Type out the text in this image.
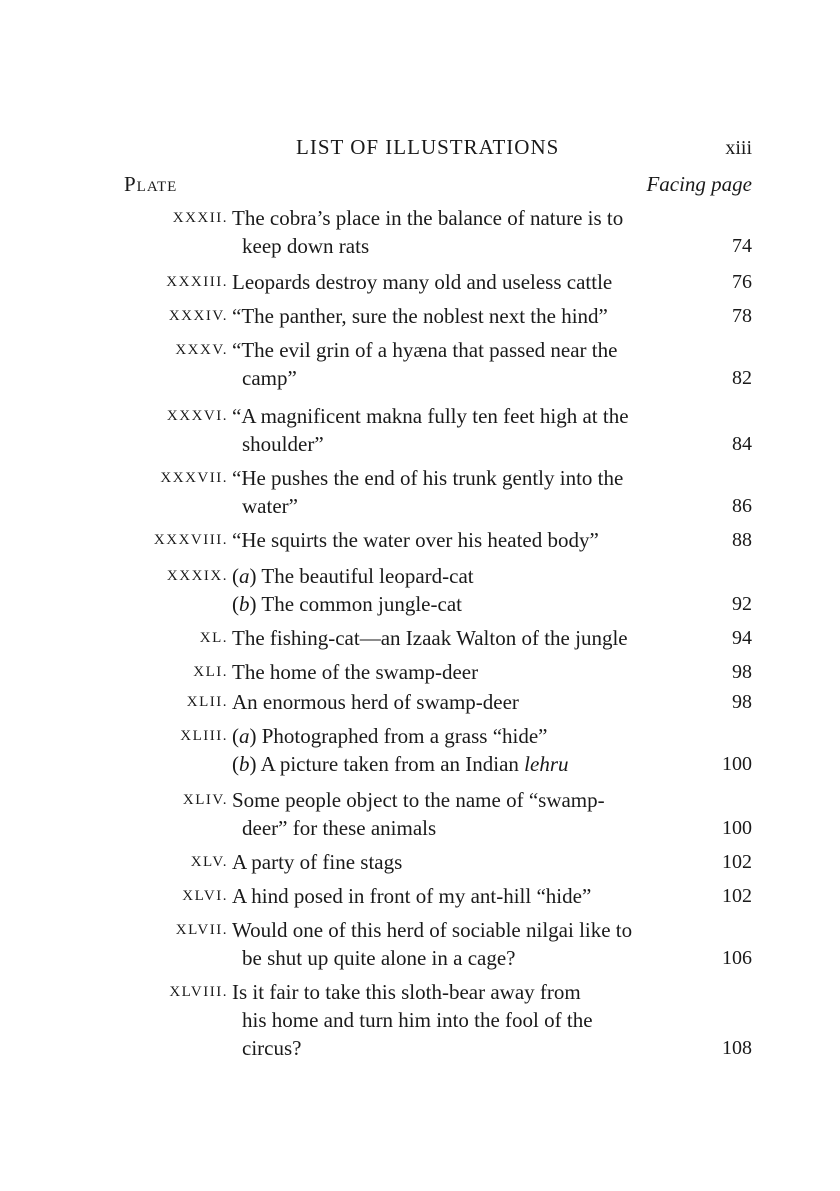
LIST OF ILLUSTRATIONS	xiii
Plate	Facing page
XXXII. The cobra’s place in the balance of nature is to
keep down rats	74
XXXIII. Leopards destroy many old and useless cattle	76
XXXIV. “The panther, sure the noblest next the hind”	78
XXXV. “The evil grin of a hyæna that passed near the
camp”	82
XXXVI. “A magnificent makna fully ten feet high at the
shoulder”	84
XXXVII. “He pushes the end of his trunk gently into the
water”	86
XXXVIII. “He squirts the water over his heated body”	88
XXXIX. (a) The beautiful leopard-cat
(b) The common jungle-cat	92
XL. The fishing-cat—an Izaak Walton of the jungle	94
XLI. The home of the swamp-deer	98
XLII. An enormous herd of swamp-deer	98
XLIII. (a) Photographed from a grass “hide”
(b) A picture taken from an Indian lehru	100
XLIV. Some people object to the name of “swamp-
deer” for these animals	100
XLV. A party of fine stags	102
XLVI. A hind posed in front of my ant-hill “hide”	102
XLVII. Would one of this herd of sociable nilgai like to
be shut up quite alone in a cage?	106
XLVIII. Is it fair to take this sloth-bear away from
his home and turn him into the fool of the
circus?	108
